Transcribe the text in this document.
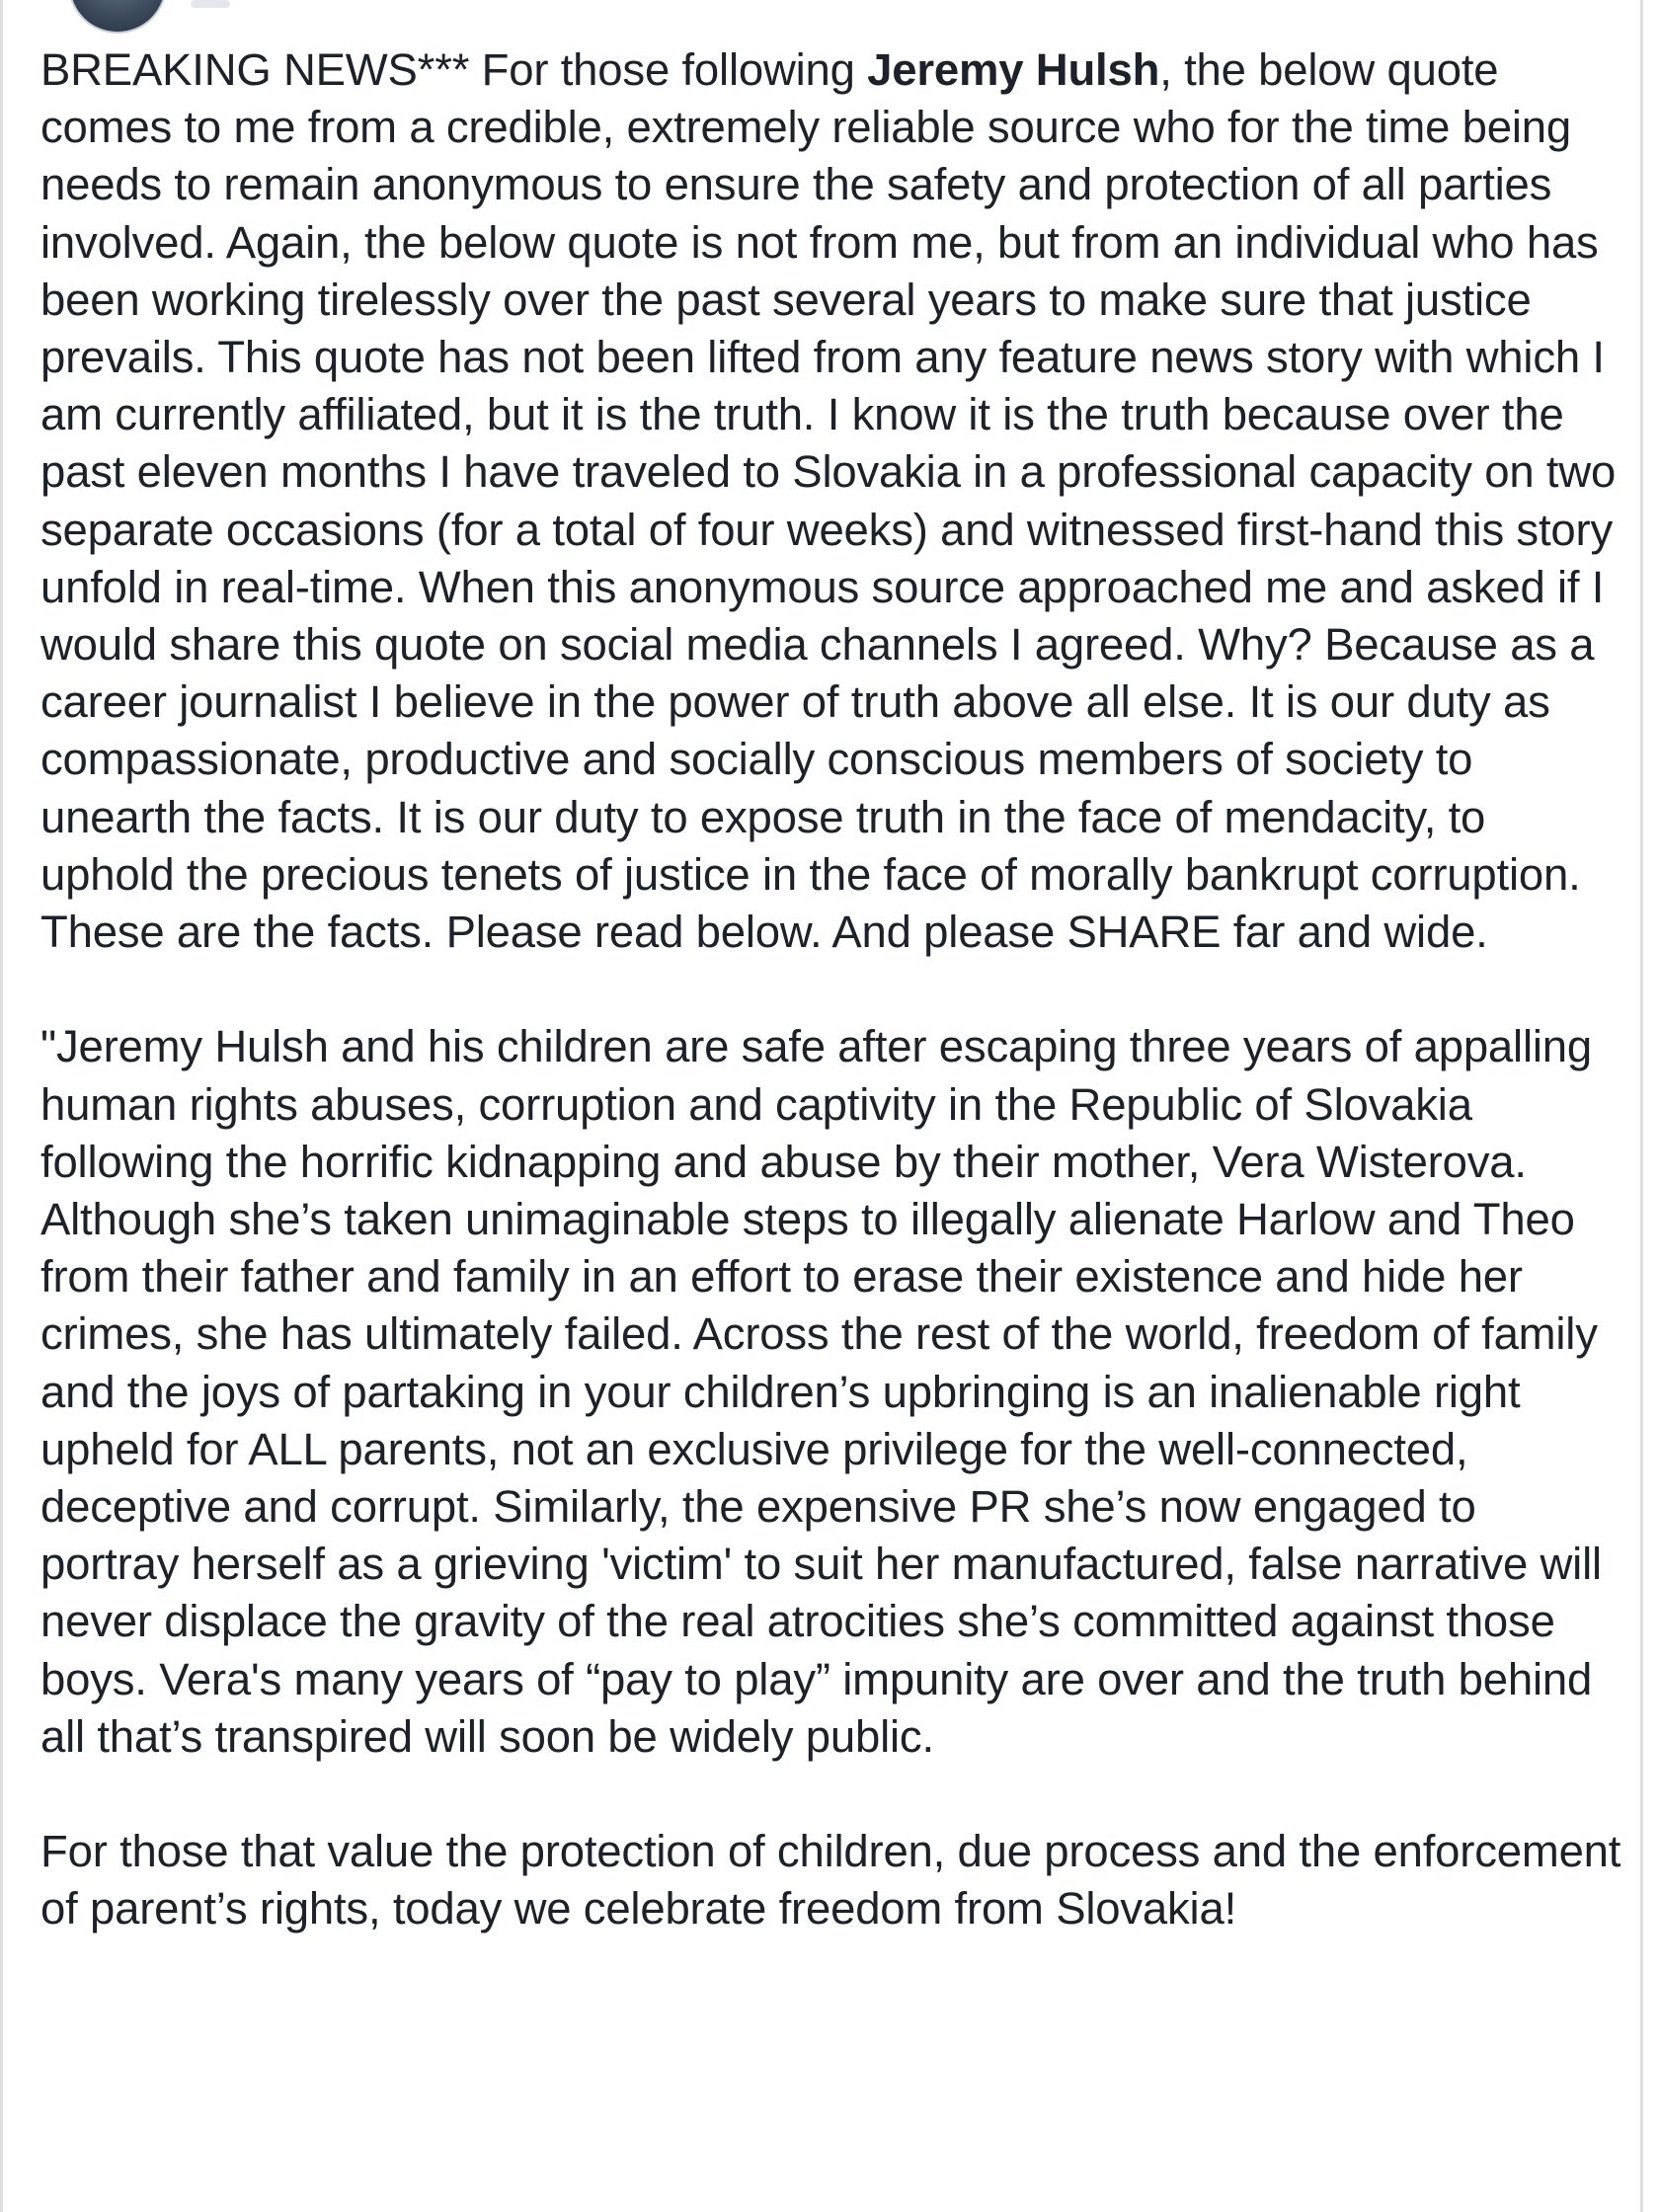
BREAKING NEWS*** For those following Jeremy Hulsh, the below quote comes to me from a credible, extremely reliable source who for the time being needs to remain anonymous to ensure the safety and protection of all parties involved. Again, the below quote is not from me, but from an individual who has been working tirelessly over the past several years to make sure that justice prevails. This quote has not been lifted from any feature news story with which I am currently affiliated, but it is the truth. I know it is the truth because over the past eleven months I have traveled to Slovakia in a professional capacity on two separate occasions (for a total of four weeks) and witnessed first-hand this story unfold in real-time. When this anonymous source approached me and asked if I would share this quote on social media channels I agreed. Why? Because as a career journalist I believe in the power of truth above all else. It is our duty as compassionate, productive and socially conscious members of society to unearth the facts. It is our duty to expose truth in the face of mendacity, to uphold the precious tenets of justice in the face of morally bankrupt corruption. These are the facts. Please read below. And please SHARE far and wide.

"Jeremy Hulsh and his children are safe after escaping three years of appalling human rights abuses, corruption and captivity in the Republic of Slovakia following the horrific kidnapping and abuse by their mother, Vera Wisterova. Although she’s taken unimaginable steps to illegally alienate Harlow and Theo from their father and family in an effort to erase their existence and hide her crimes, she has ultimately failed. Across the rest of the world, freedom of family and the joys of partaking in your children’s upbringing is an inalienable right upheld for ALL parents, not an exclusive privilege for the well-connected, deceptive and corrupt. Similarly, the expensive PR she’s now engaged to portray herself as a grieving 'victim' to suit her manufactured, false narrative will never displace the gravity of the real atrocities she’s committed against those boys. Vera's many years of “pay to play” impunity are over and the truth behind all that’s transpired will soon be widely public.

For those that value the protection of children, due process and the enforcement of parent’s rights, today we celebrate freedom from Slovakia!
